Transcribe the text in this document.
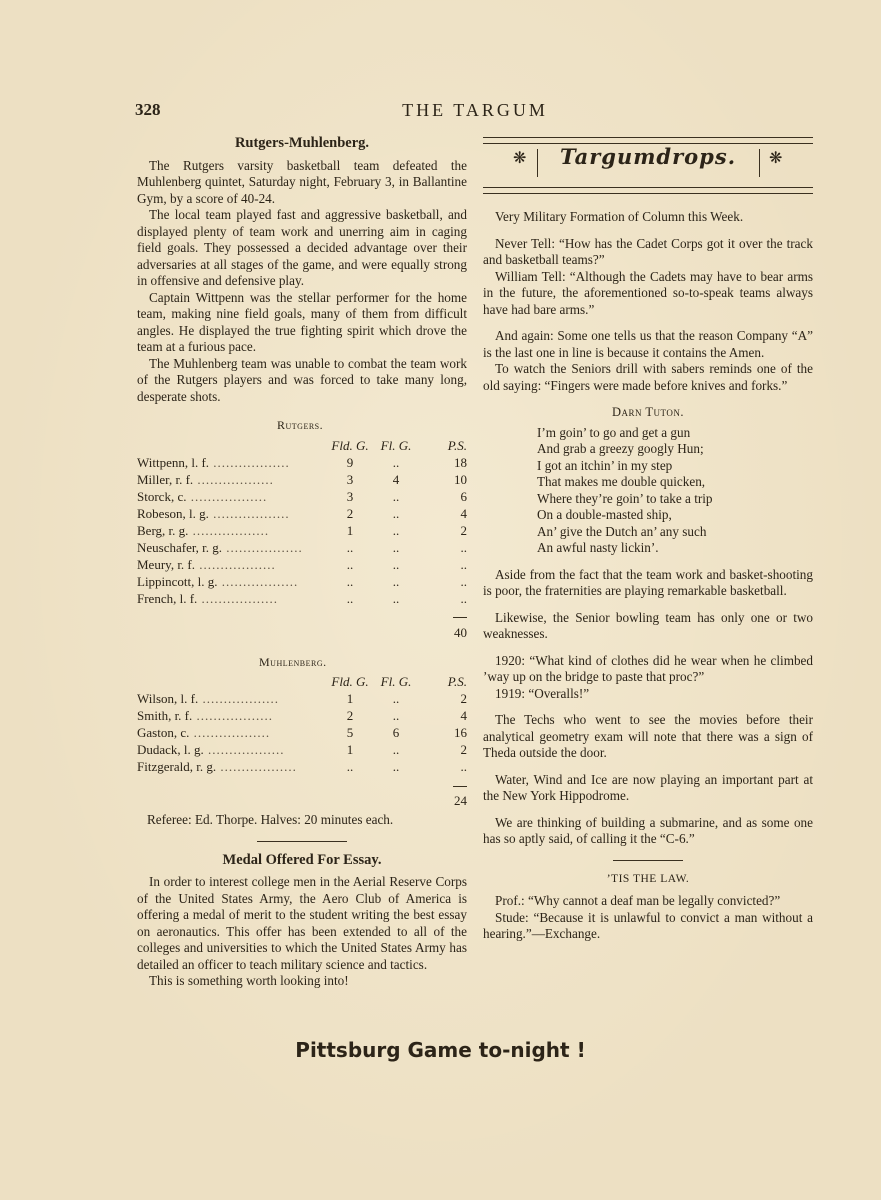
328	THE TARGUM
Rutgers-Muhlenberg.

The Rutgers varsity basketball team defeated the Muhlenberg quintet, Saturday night, February 3, in Ballantine Gym, by a score of 40-24.

The local team played fast and aggressive basketball, and displayed plenty of team work and unerring aim in caging field goals. They possessed a decided advantage over their adversaries at all stages of the game, and were equally strong in offensive and defensive play.

Captain Wittpenn was the stellar performer for the home team, making nine field goals, many of them from difficult angles. He displayed the true fighting spirit which drove the team at a furious pace.

The Muhlenberg team was unable to combat the team work of the Rutgers players and was forced to take many long, desperate shots.

Rutgers.
	Fld. G.	Fl. G.	P.S.
Wittpenn, l. f. ..................	9	..	18
Miller, r. f. ..................	3	4	10
Storck, c. ..................	3	..	6
Robeson, l. g. ..................	2	..	4
Berg, r. g. ..................	1	..	2
Neuschafer, r. g. ..................	..	..	..
Meury, r. f. ..................	..	..	..
Lippincott, l. g. ..................	..	..	..
French, l. f. ..................	..	..	..

			40
Muhlenberg.
	Fld. G.	Fl. G.	P.S.
Wilson, l. f. ..................	1	..	2
Smith, r. f. ..................	2	..	4
Gaston, c. ..................	5	6	16
Dudack, l. g. ..................	1	..	2
Fitzgerald, r. g. ..................	..	..	..

			24
Referee: Ed. Thorpe. Halves: 20 minutes each.
Medal Offered For Essay.

In order to interest college men in the Aerial Reserve Corps of the United States Army, the Aero Club of America is offering a medal of merit to the student writing the best essay on aeronautics. This offer has been extended to all of the colleges and universities to which the United States Army has detailed an officer to teach military science and tactics.

This is something worth looking into!

❋	Targumdrops.	❋

Very Military Formation of Column this Week.

Never Tell: “How has the Cadet Corps got it over the track and basketball teams?”

William Tell: “Although the Cadets may have to bear arms in the future, the aforementioned so-to-speak teams always have had bare arms.”

And again: Some one tells us that the reason Company “A” is the last one in line is because it contains the Amen.

To watch the Seniors drill with sabers reminds one of the old saying: “Fingers were made before knives and forks.”

Darn Tuton.
I’m goin’ to go and get a gun
And grab a greezy googly Hun;
I got an itchin’ in my step
That makes me double quicken,
Where they’re goin’ to take a trip
On a double-masted ship,
An’ give the Dutch an’ any such
An awful nasty lickin’.

Aside from the fact that the team work and basket-shooting is poor, the fraternities are playing remarkable basketball.

Likewise, the Senior bowling team has only one or two weaknesses.

1920: “What kind of clothes did he wear when he climbed ’way up on the bridge to paste that proc?”

1919: “Overalls!”

The Techs who went to see the movies before their analytical geometry exam will note that there was a sign of Theda outside the door.

Water, Wind and Ice are now playing an important part at the New York Hippodrome.

We are thinking of building a submarine, and as some one has so aptly said, of calling it the “C-6.”

’TIS THE LAW.

Prof.: “Why cannot a deaf man be legally convicted?”

Stude: “Because it is unlawful to convict a man without a hearing.”—Exchange.

Pittsburg Game to-night !
